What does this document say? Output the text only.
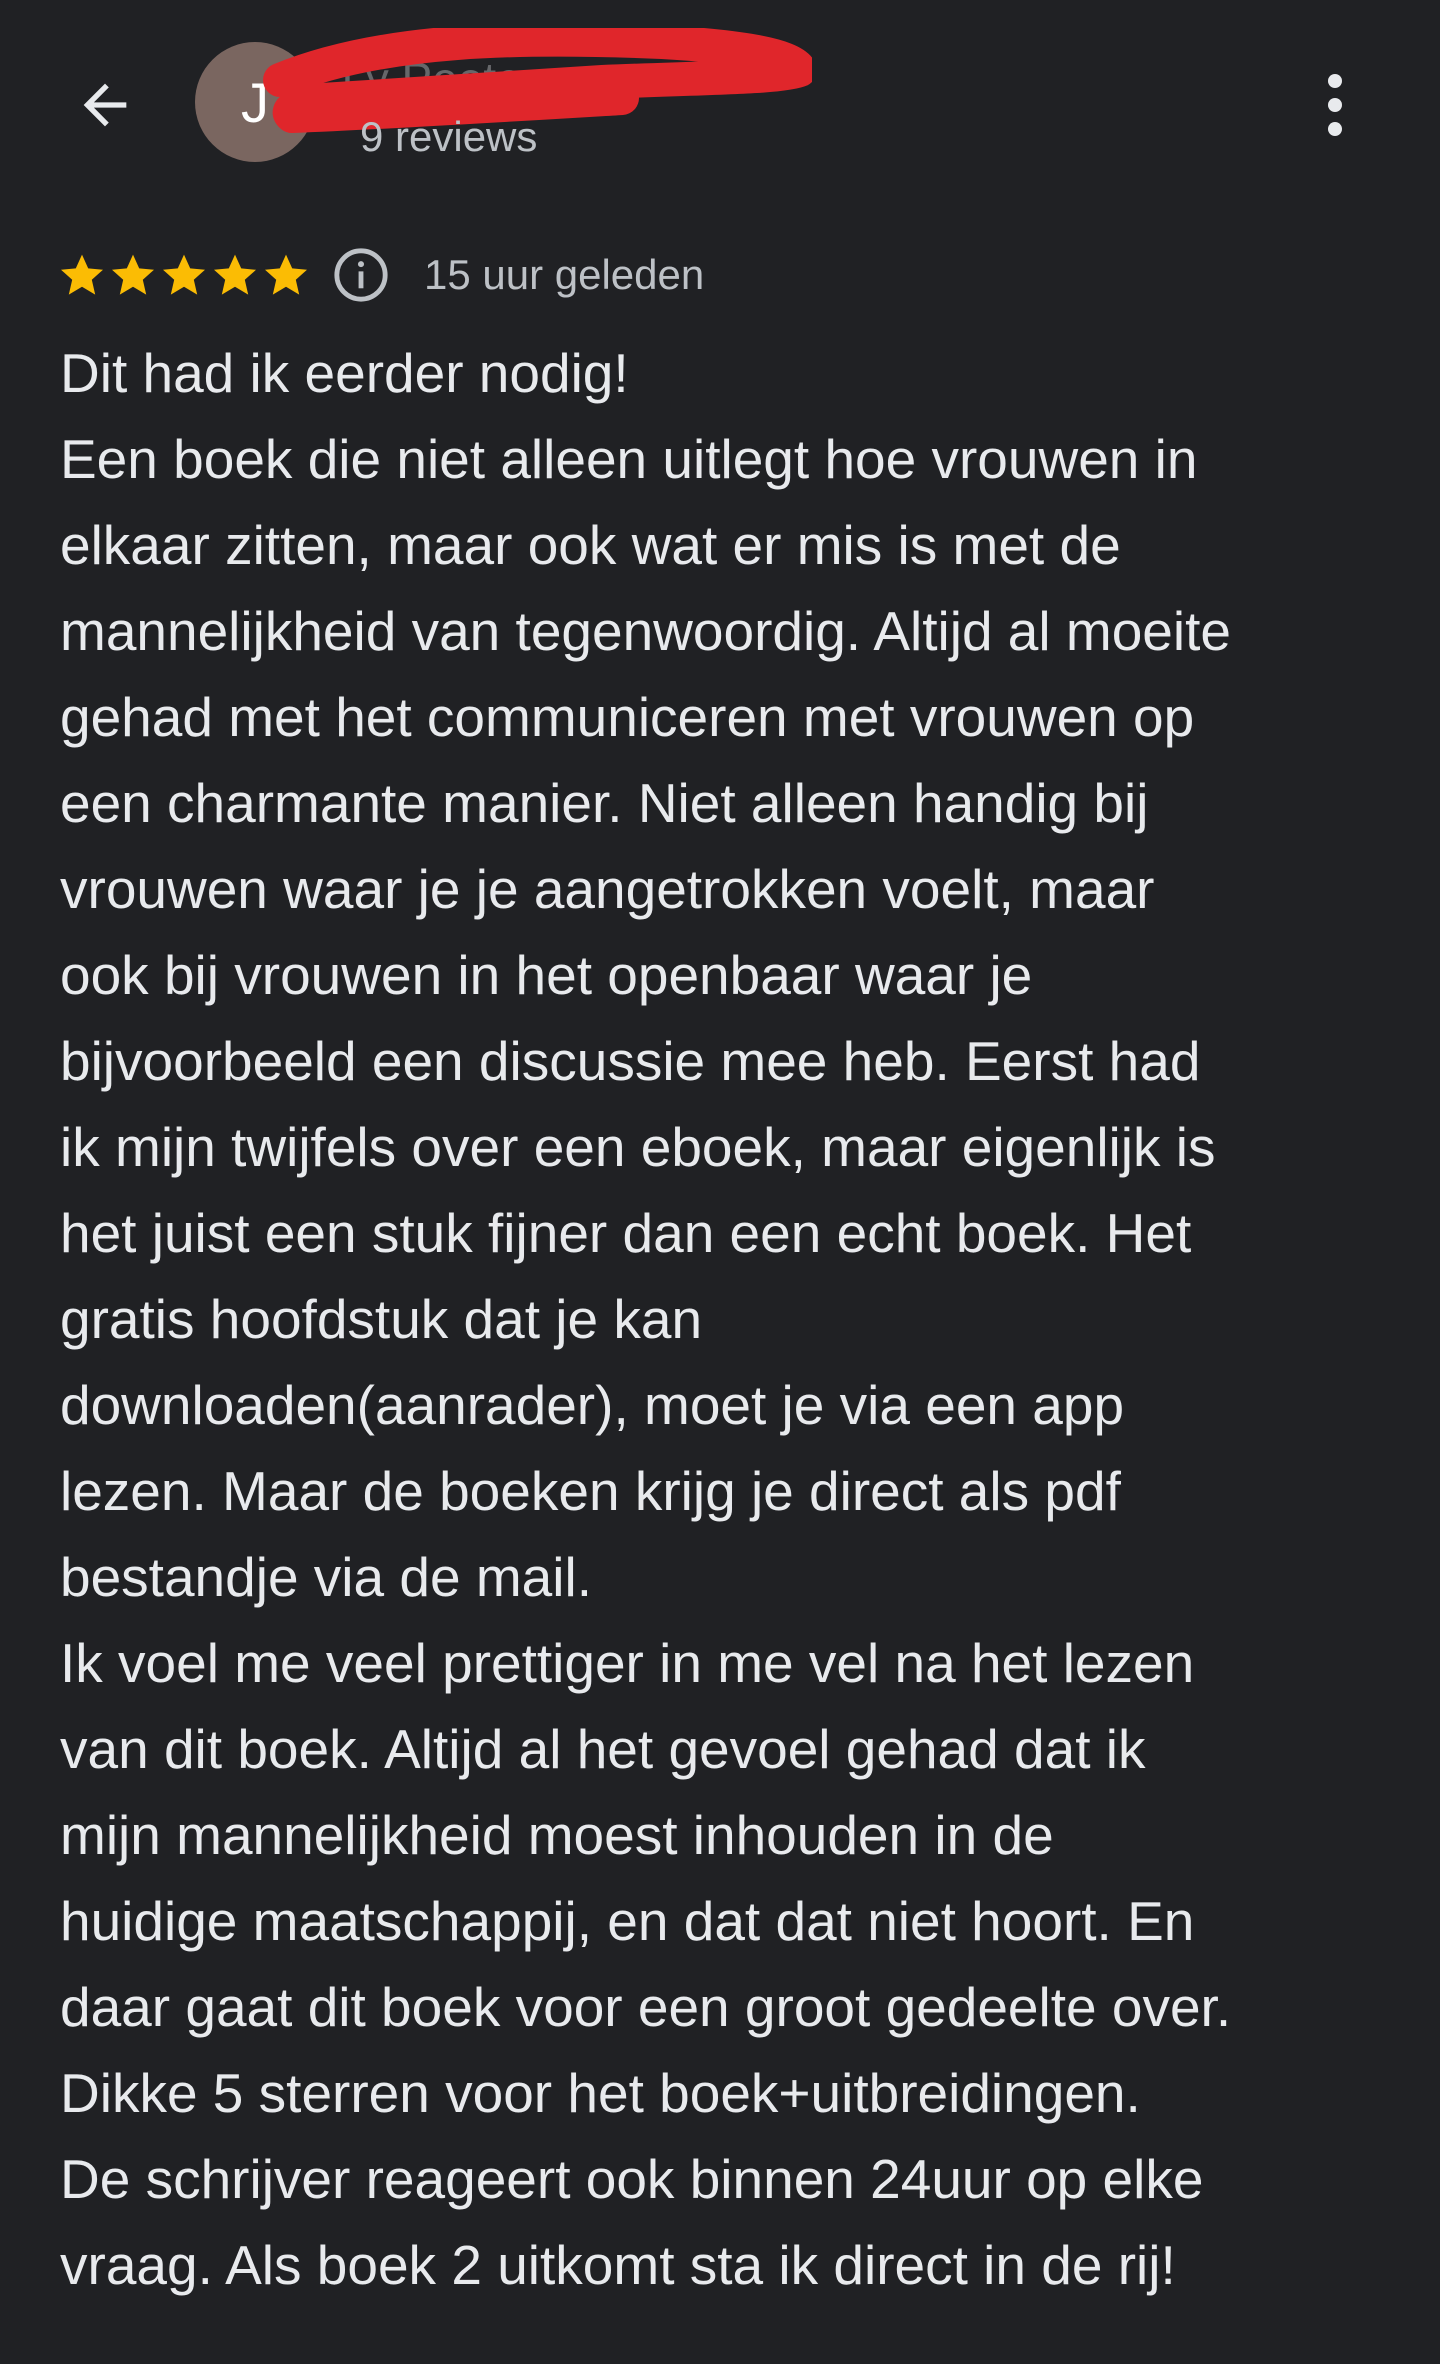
J J y Peeter
9 reviews
15 uur geleden
Dit had ik eerder nodig!
Een boek die niet alleen uitlegt hoe vrouwen in
elkaar zitten, maar ook wat er mis is met de
mannelijkheid van tegenwoordig. Altijd al moeite
gehad met het communiceren met vrouwen op
een charmante manier. Niet alleen handig bij
vrouwen waar je je aangetrokken voelt, maar
ook bij vrouwen in het openbaar waar je
bijvoorbeeld een discussie mee heb. Eerst had
ik mijn twijfels over een eboek, maar eigenlijk is
het juist een stuk fijner dan een echt boek. Het
gratis hoofdstuk dat je kan
downloaden(aanrader), moet je via een app
lezen. Maar de boeken krijg je direct als pdf
bestandje via de mail.
Ik voel me veel prettiger in me vel na het lezen
van dit boek. Altijd al het gevoel gehad dat ik
mijn mannelijkheid moest inhouden in de
huidige maatschappij, en dat dat niet hoort. En
daar gaat dit boek voor een groot gedeelte over.
Dikke 5 sterren voor het boek+uitbreidingen.
De schrijver reageert ook binnen 24uur op elke
vraag. Als boek 2 uitkomt sta ik direct in de rij!
